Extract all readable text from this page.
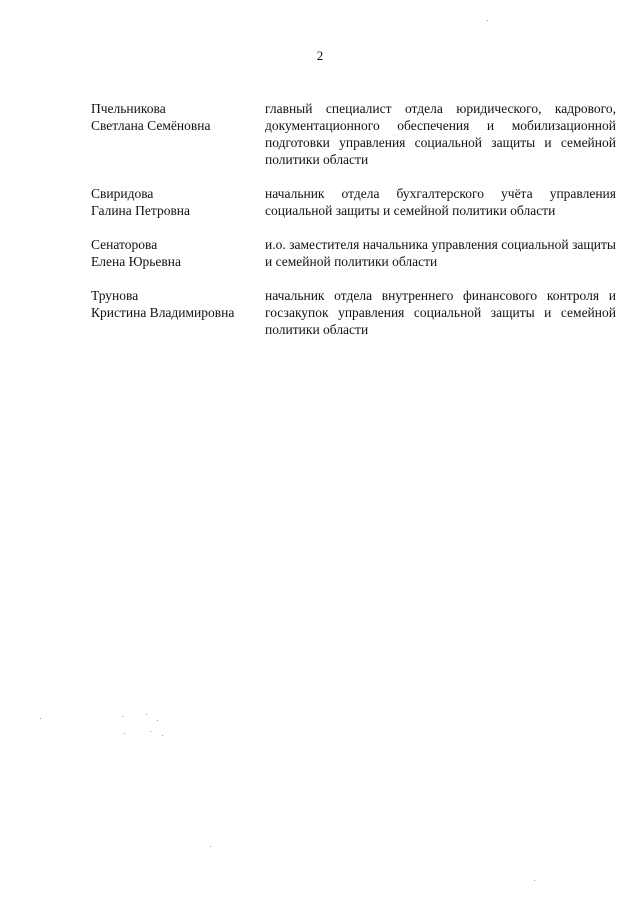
2
Пчельникова
Светлана Семёновна
главный специалист отдела юридического, кадрового, документационного обеспечения и мобилизационной подготовки управления социальной защиты и семейной политики области
Свиридова
Галина Петровна
начальник отдела бухгалтерского учёта управления социальной защиты и семейной политики области
Сенаторова
Елена Юрьевна
и.о. заместителя начальника управления социальной защиты и семейной политики области
Трунова
Кристина Владимировна
начальник отдела внутреннего финансового контроля и госзакупок управления социальной защиты и семейной политики области
